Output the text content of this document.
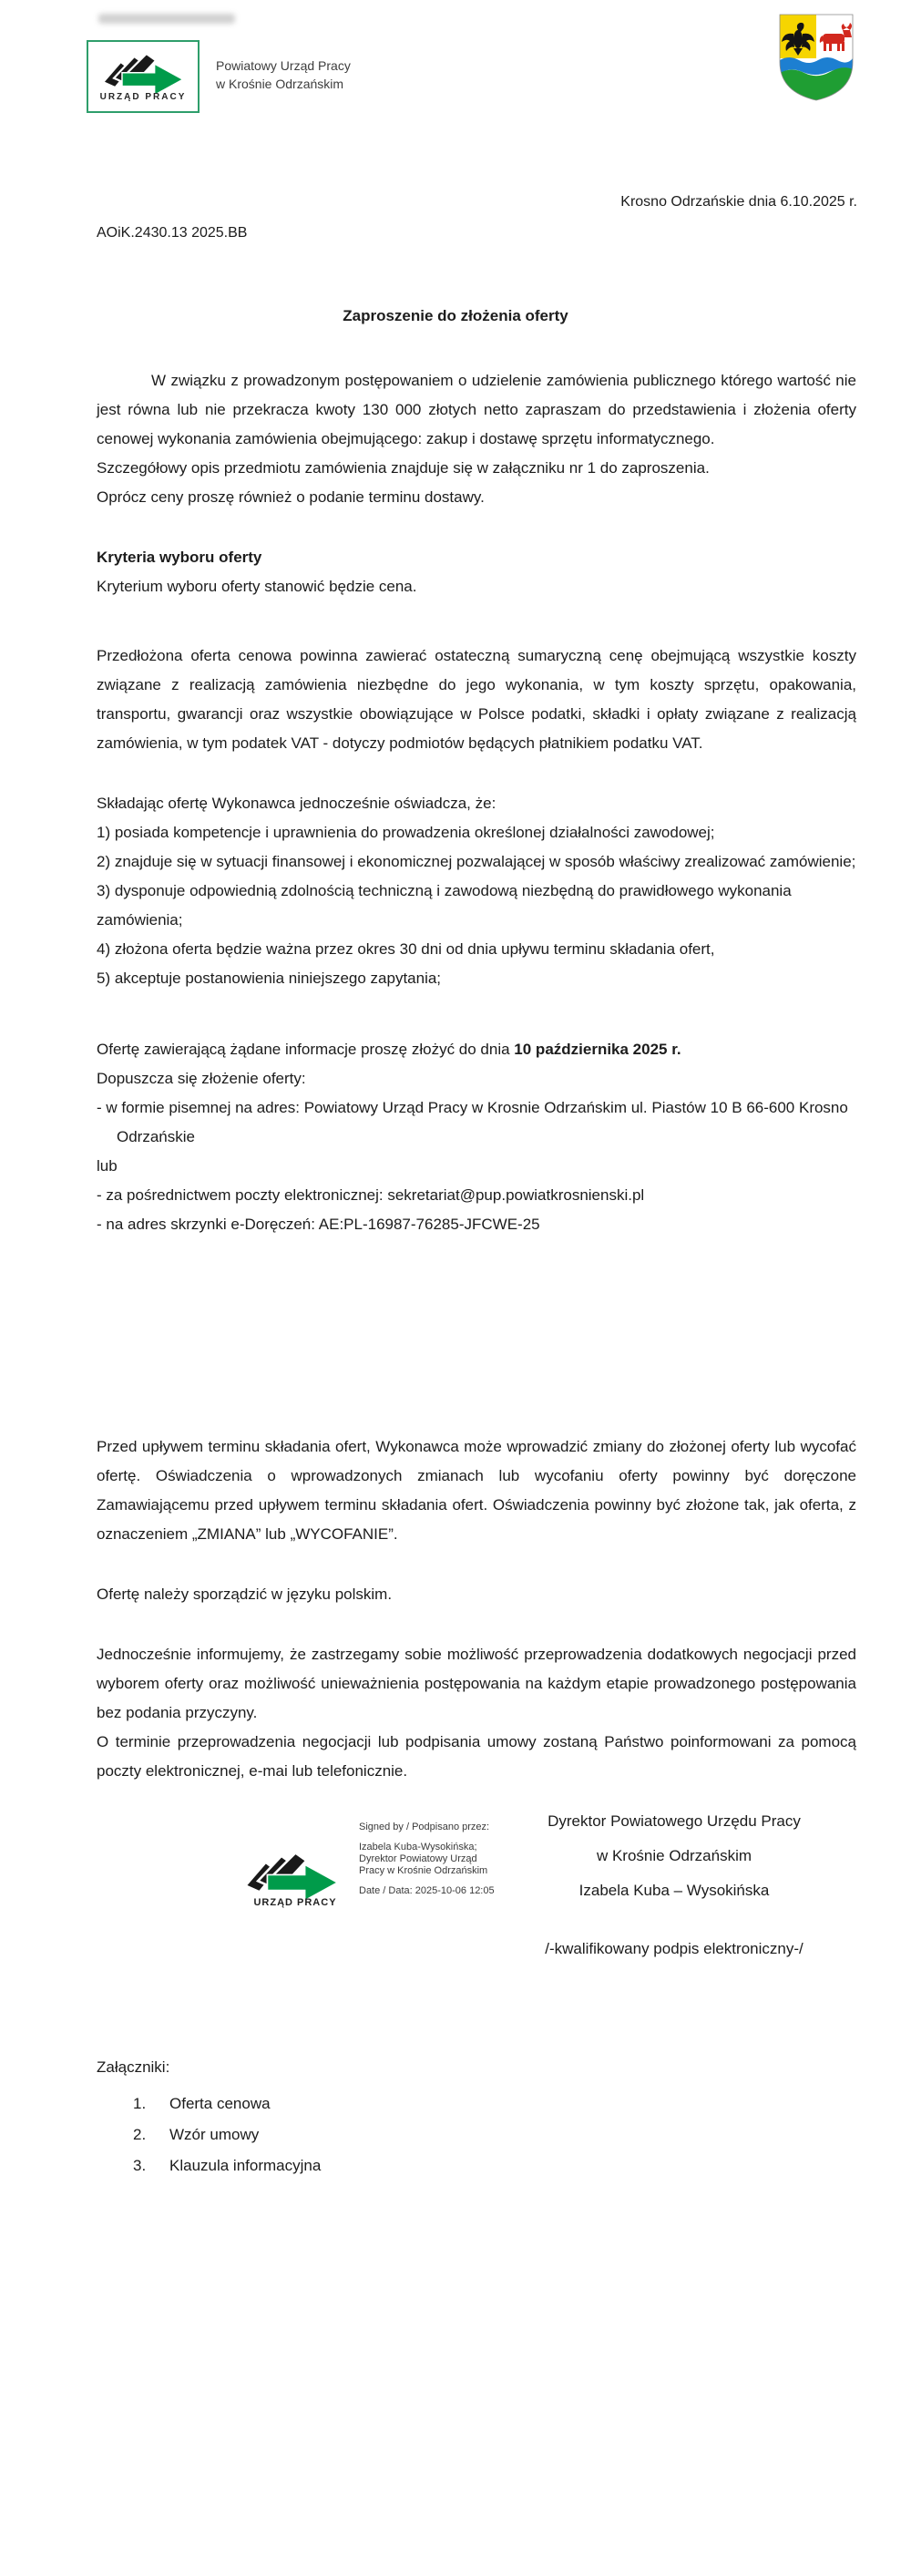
URZĄD PRACY
Powiatowy Urząd Pracy
w Krośnie Odrzańskim
Krosno Odrzańskie dnia 6.10.2025 r.
AOiK.2430.13 2025.BB
Zaproszenie do złożenia oferty

W związku z prowadzonym postępowaniem o udzielenie zamówienia publicznego którego wartość nie jest równa lub nie przekracza kwoty 130 000 złotych netto zapraszam do przedstawienia i złożenia oferty cenowej wykonania zamówienia obejmującego: zakup i dostawę sprzętu informatycznego.

Szczegółowy opis przedmiotu zamówienia znajduje się w załączniku nr 1 do zaproszenia.

Oprócz ceny proszę również o podanie terminu dostawy.

Kryteria wyboru oferty

Kryterium wyboru oferty stanowić będzie cena.

Przedłożona oferta cenowa powinna zawierać ostateczną sumaryczną cenę obejmującą wszystkie koszty związane z realizacją zamówienia niezbędne do jego wykonania, w tym koszty sprzętu, opakowania, transportu, gwarancji oraz wszystkie obowiązujące w Polsce podatki, składki i opłaty związane z realizacją zamówienia, w tym podatek VAT - dotyczy podmiotów będących płatnikiem podatku VAT.

Składając ofertę Wykonawca jednocześnie oświadcza, że:

1) posiada kompetencje i uprawnienia do prowadzenia określonej działalności zawodowej;

2) znajduje się w sytuacji finansowej i ekonomicznej pozwalającej w sposób właściwy zrealizować zamówienie;

3) dysponuje odpowiednią zdolnością techniczną i zawodową niezbędną do prawidłowego wykonania zamówienia;

4) złożona oferta będzie ważna przez okres 30 dni od dnia upływu terminu składania ofert,

5) akceptuje postanowienia niniejszego zapytania;

Ofertę zawierającą żądane informacje proszę złożyć do dnia 10 października 2025 r.

Dopuszcza się złożenie oferty:

- w formie pisemnej na adres: Powiatowy Urząd Pracy w Krosnie Odrzańskim ul. Piastów 10 B 66-600 Krosno

Odrzańskie

lub

- za pośrednictwem poczty elektronicznej: sekretariat@pup.powiatkrosnienski.pl

- na adres skrzynki e-Doręczeń: AE:PL-16987-76285-JFCWE-25

Przed upływem terminu składania ofert, Wykonawca może wprowadzić zmiany do złożonej oferty lub wycofać ofertę. Oświadczenia o wprowadzonych zmianach lub wycofaniu oferty powinny być doręczone Zamawiającemu przed upływem terminu składania ofert. Oświadczenia powinny być złożone tak, jak oferta, z oznaczeniem „ZMIANA” lub „WYCOFANIE”.

Ofertę należy sporządzić w języku polskim.

Jednocześnie informujemy, że zastrzegamy sobie możliwość przeprowadzenia dodatkowych negocjacji przed wyborem oferty oraz możliwość unieważnienia postępowania na każdym etapie prowadzonego postępowania bez podania przyczyny.

O terminie przeprowadzenia negocjacji lub podpisania umowy zostaną Państwo poinformowani za pomocą poczty elektronicznej, e-mai lub telefonicznie.

Dyrektor Powiatowego Urzędu Pracy
w Krośnie Odrzańskim
Izabela Kuba – Wysokińska
/-kwalifikowany podpis elektroniczny-/
URZĄD PRACY

Signed by / Podpisano przez:

Izabela Kuba-Wysokińska; Dyrektor Powiatowy Urząd Pracy w Krośnie Odrzańskim

Date / Data: 2025-10-06 12:05

Załączniki:
1.	Oferta cenowa
2.	Wzór umowy
3.	Klauzula informacyjna
